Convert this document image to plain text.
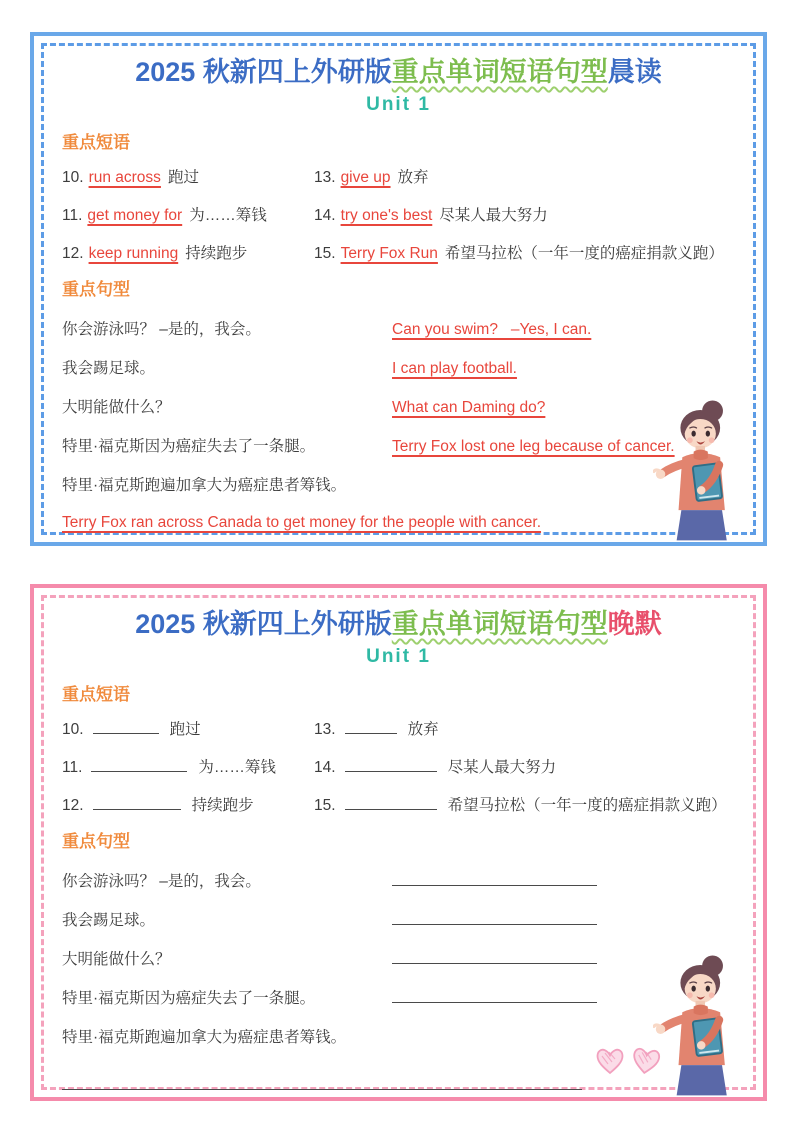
2025 秋新四上外研版重点单词短语句型晨读
Unit 1
重点短语
10. run across 跑过	13. give up 放弃
11. get money for 为……筹钱	14. try one's best 尽某人最大努力
12. keep running 持续跑步	15. Terry Fox Run 希望马拉松（一年一度的癌症捐款义跑）
重点句型
你会游泳吗？ –是的，我会。	Can you swim?   –Yes, I can.
我会踢足球。	I can play football.
大明能做什么？	What can Daming do?
特里·福克斯因为癌症失去了一条腿。	Terry Fox lost one leg because of cancer.
特里·福克斯跑遍加拿大为癌症患者筹钱。
Terry Fox ran across Canada to get money for the people with cancer.
2025 秋新四上外研版重点单词短语句型晚默
Unit 1
重点短语
10.	跑过	13.	放弃
11.	为……筹钱	14.	尽某人最大努力
12.	持续跑步	15.	希望马拉松（一年一度的癌症捐款义跑）
重点句型
你会游泳吗？ –是的，我会。
我会踢足球。
大明能做什么？
特里·福克斯因为癌症失去了一条腿。
特里·福克斯跑遍加拿大为癌症患者筹钱。
